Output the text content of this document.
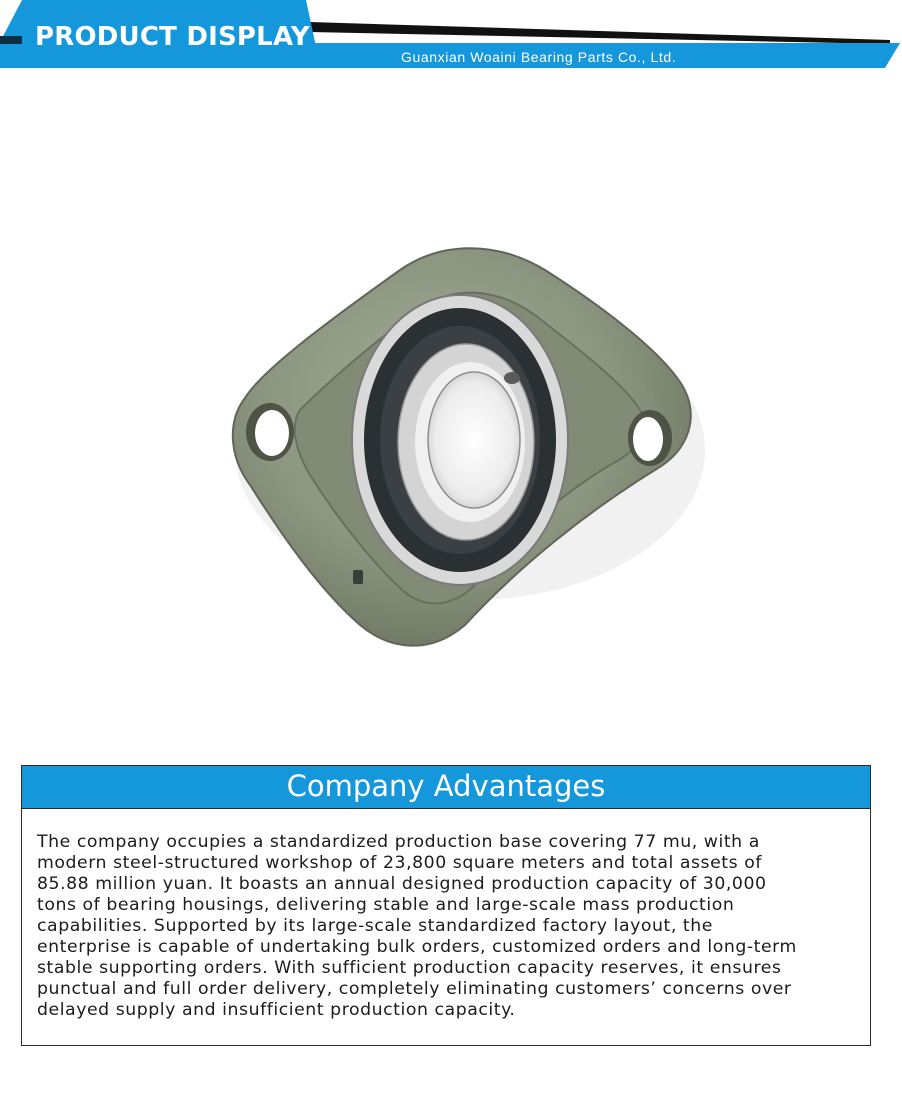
PRODUCT DISPLAY
Guanxian Woaini Bearing Parts Co., Ltd.
Company Advantages
The company occupies a standardized production base covering 77 mu, with a
modern steel-structured workshop of 23,800 square meters and total assets of
85.88 million yuan. It boasts an annual designed production capacity of 30,000
tons of bearing housings, delivering stable and large-scale mass production
capabilities. Supported by its large-scale standardized factory layout, the
enterprise is capable of undertaking bulk orders, customized orders and long-term
stable supporting orders. With sufficient production capacity reserves, it ensures
punctual and full order delivery, completely eliminating customers’ concerns over
delayed supply and insufficient production capacity.
